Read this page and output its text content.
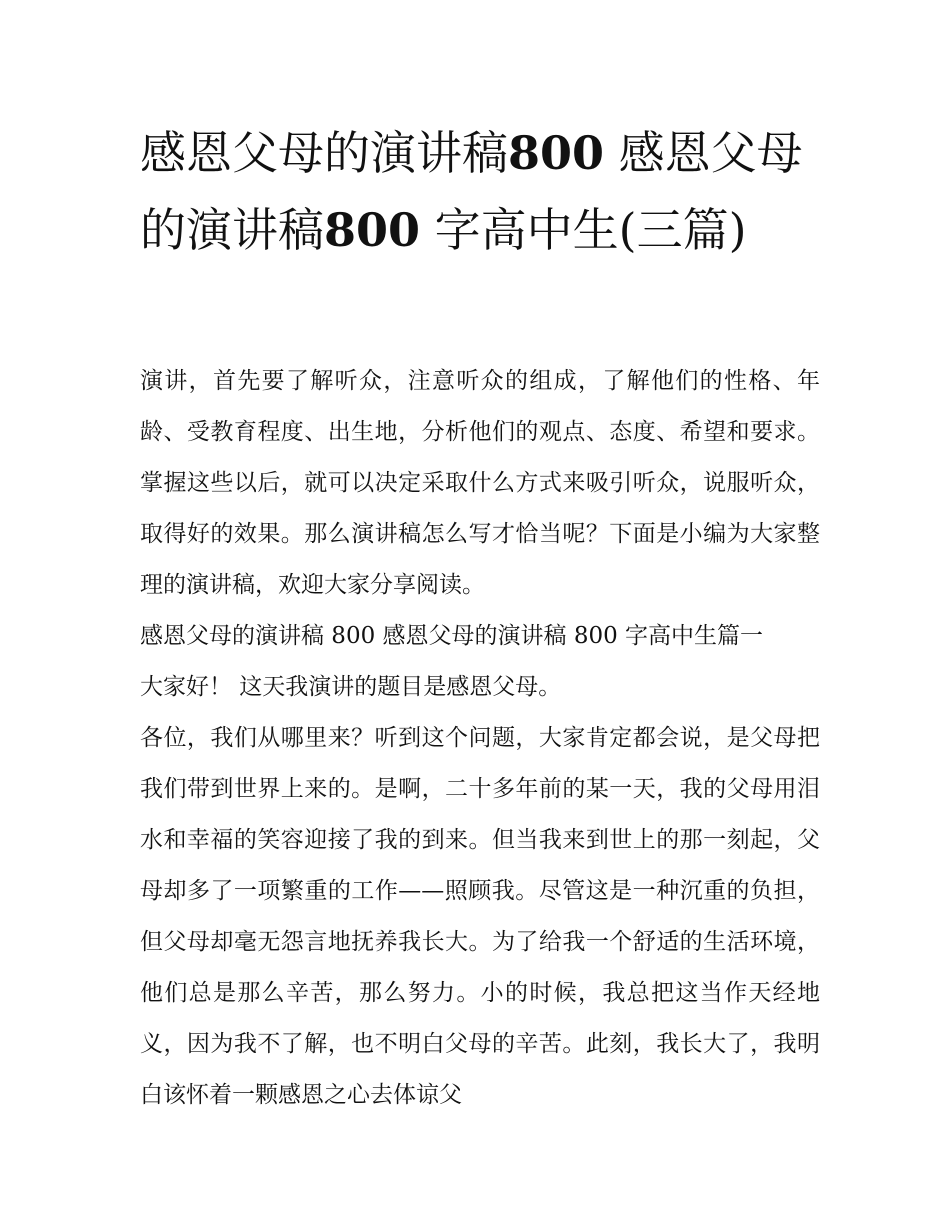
感恩父母的演讲稿800 感恩父母的演讲稿800 字高中生(三篇)

演讲，首先要了解听众，注意听众的组成，了解他们的性格、年龄、受教育程度、出生地，分析他们的观点、态度、希望和要求。掌握这些以后，就可以决定采取什么方式来吸引听众，说服听众，取得好的效果。那么演讲稿怎么写才恰当呢？下面是小编为大家整理的演讲稿，欢迎大家分享阅读。

感恩父母的演讲稿 800 感恩父母的演讲稿 800 字高中生篇一

大家好！ 这天我演讲的题目是感恩父母。

各位，我们从哪里来？听到这个问题，大家肯定都会说，是父母把我们带到世界上来的。是啊，二十多年前的某一天，我的父母用泪水和幸福的笑容迎接了我的到来。但当我来到世上的那一刻起，父母却多了一项繁重的工作——照顾我。尽管这是一种沉重的负担，但父母却毫无怨言地抚养我长大。为了给我一个舒适的生活环境，他们总是那么辛苦，那么努力。小的时候，我总把这当作天经地义，因为我不了解，也不明白父母的辛苦。此刻，我长大了，我明白该怀着一颗感恩之心去体谅父
